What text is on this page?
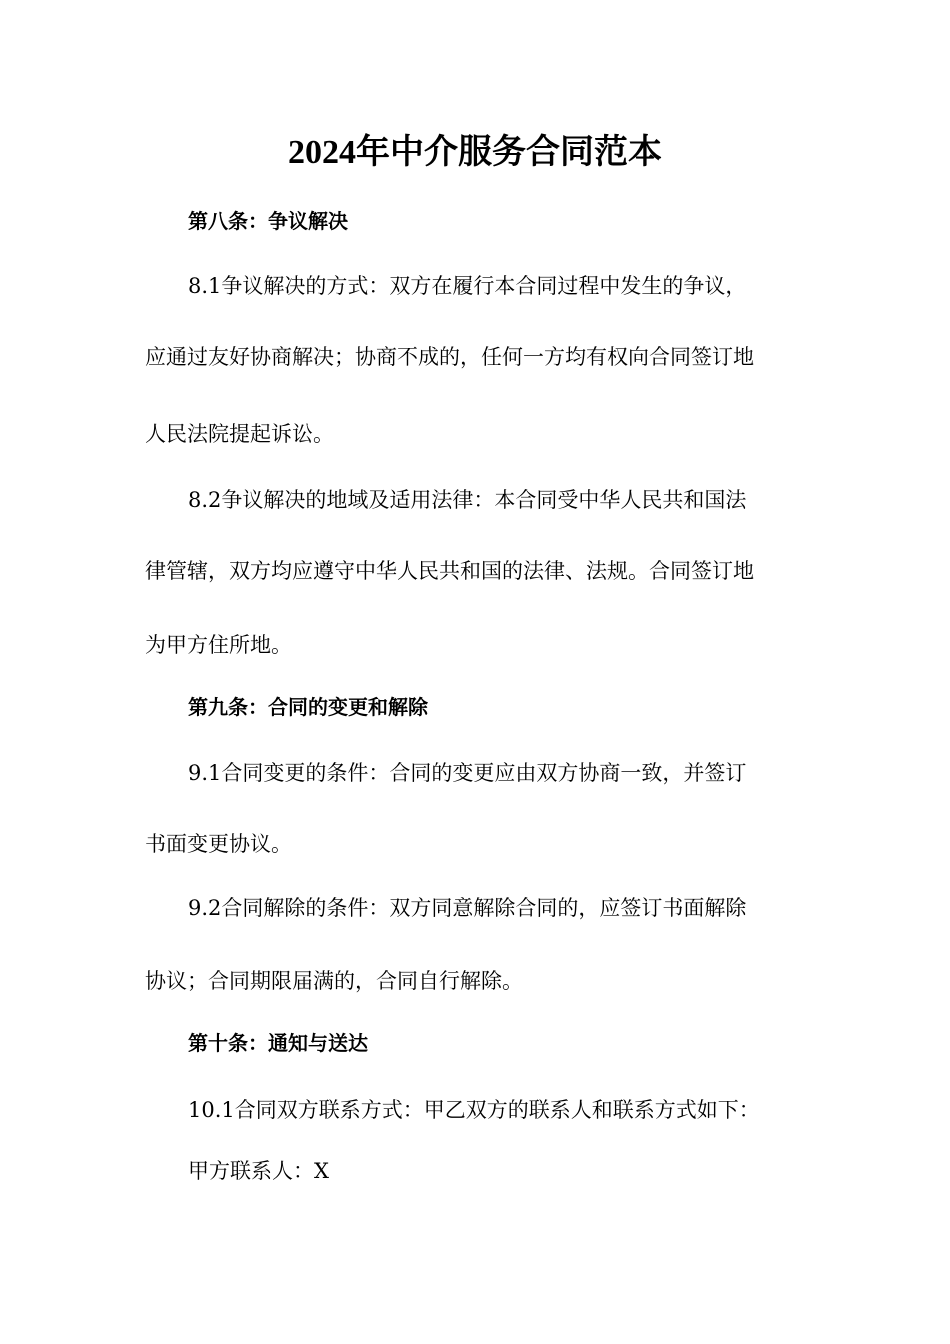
2024年中介服务合同范本
第八条：争议解决
8.1争议解决的方式：双方在履行本合同过程中发生的争议，
应通过友好协商解决；协商不成的，任何一方均有权向合同签订地
人民法院提起诉讼。
8.2争议解决的地域及适用法律：本合同受中华人民共和国法
律管辖，双方均应遵守中华人民共和国的法律、法规。合同签订地
为甲方住所地。
第九条：合同的变更和解除
9.1合同变更的条件：合同的变更应由双方协商一致，并签订
书面变更协议。
9.2合同解除的条件：双方同意解除合同的，应签订书面解除
协议；合同期限届满的，合同自行解除。
第十条：通知与送达
10.1合同双方联系方式：甲乙双方的联系人和联系方式如下：
甲方联系人：X
